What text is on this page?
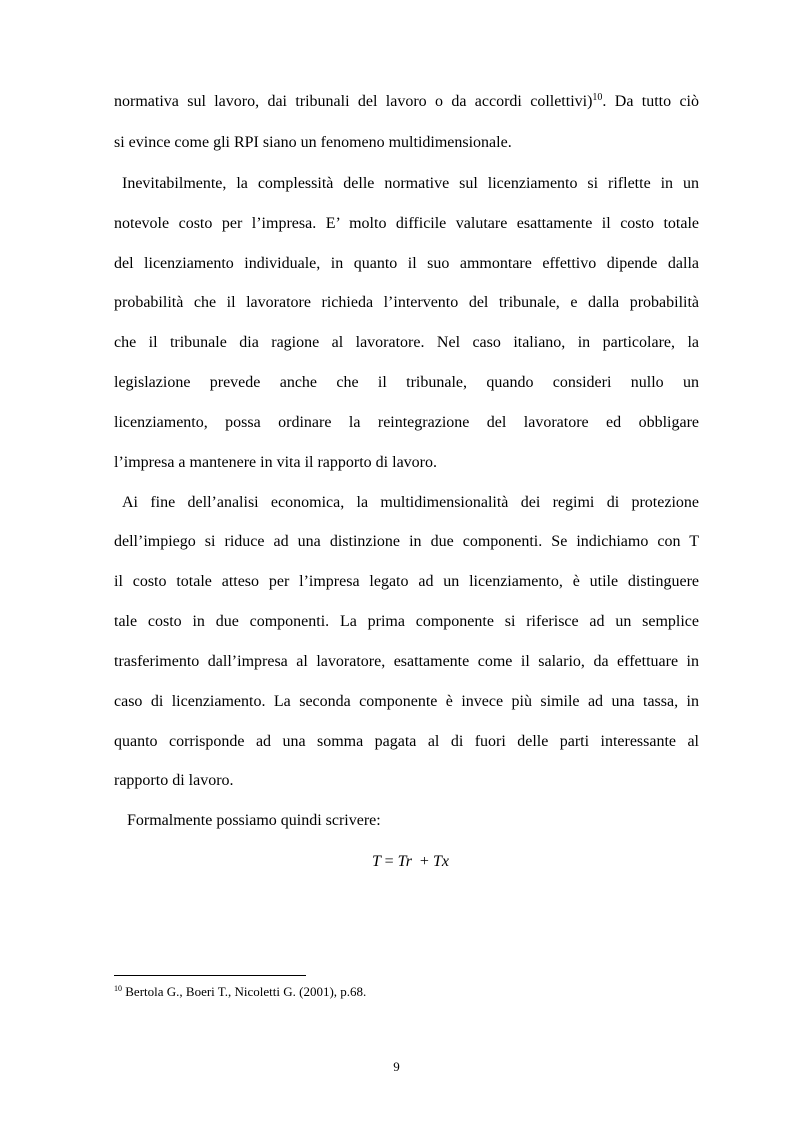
normativa sul lavoro, dai tribunali del lavoro o da accordi collettivi)$^{10}$. Da tutto ciò
si evince come gli RPI siano un fenomeno multidimensionale.
Inevitabilmente, la complessità delle normative sul licenziamento si riflette in un
notevole costo per l’impresa. E’ molto difficile valutare esattamente il costo totale
del licenziamento individuale, in quanto il suo ammontare effettivo dipende dalla
probabilità che il lavoratore richieda l’intervento del tribunale, e dalla probabilità
che il tribunale dia ragione al lavoratore. Nel caso italiano, in particolare, la
legislazione prevede anche che il tribunale, quando consideri nullo un
licenziamento, possa ordinare la reintegrazione del lavoratore ed obbligare
l’impresa a mantenere in vita il rapporto di lavoro.
Ai fine dell’analisi economica, la multidimensionalità dei regimi di protezione
dell’impiego si riduce ad una distinzione in due componenti. Se indichiamo con T
il costo totale atteso per l’impresa legato ad un licenziamento, è utile distinguere
tale costo in due componenti. La prima componente si riferisce ad un semplice
trasferimento dall’impresa al lavoratore, esattamente come il salario, da effettuare in
caso di licenziamento. La seconda componente è invece più simile ad una tassa, in
quanto corrisponde ad una somma pagata al di fuori delle parti interessante al
rapporto di lavoro.
Formalmente possiamo quindi scrivere:
T = Tr + Tx
$^{10}$ Bertola G., Boeri T., Nicoletti G. (2001), p.68.
9
